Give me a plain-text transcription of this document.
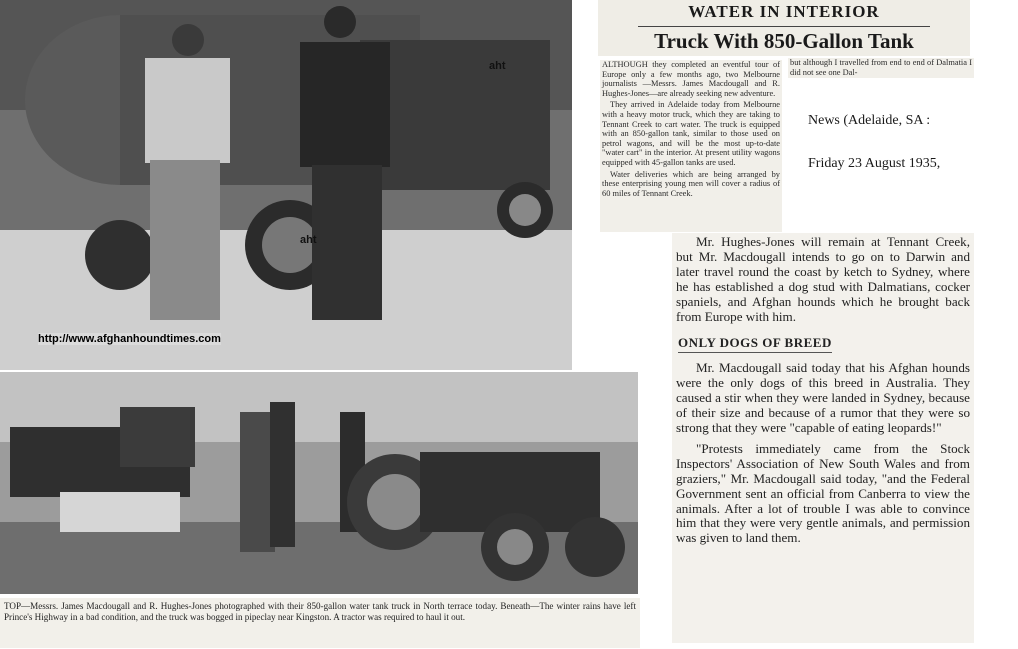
aht
aht
http://www.afghanhoundtimes.com
WATER IN INTERIOR
Truck With 850-Gallon Tank

ALTHOUGH they completed an eventful tour of Europe only a few months ago, two Melbourne journalists —Messrs. James Macdougall and R. Hughes-Jones—are already seeking new adventure.

They arrived in Adelaide today from Melbourne with a heavy motor truck, which they are taking to Tennant Creek to cart water. The truck is equipped with an 850-gallon tank, similar to those used on petrol wagons, and will be the most up-to-date "water cart" in the interior. At present utility wagons equipped with 45-gallon tanks are used.

Water deliveries which are being arranged by these enterprising young men will cover a radius of 60 miles of Tennant Creek.

but although I travelled from end to end of Dalmatia I did not see one Dal-
News (Adelaide, SA :
Friday 23 August 1935,

Mr. Hughes-Jones will remain at Tennant Creek, but Mr. Macdougall intends to go on to Darwin and later travel round the coast by ketch to Sydney, where he has established a dog stud with Dalmatians, cocker spaniels, and Afghan hounds which he brought back from Europe with him.

ONLY DOGS OF BREED

Mr. Macdougall said today that his Afghan hounds were the only dogs of this breed in Australia. They caused a stir when they were landed in Sydney, because of their size and because of a rumor that they were so strong that they were "capable of eating leopards!"

"Protests immediately came from the Stock Inspectors' Association of New South Wales and from graziers," Mr. Macdougall said today, "and the Federal Government sent an official from Canberra to view the animals. After a lot of trouble I was able to convince him that they were very gentle animals, and permission was given to land them.

TOP—Messrs. James Macdougall and R. Hughes-Jones photographed with their 850-gallon water tank truck in North terrace today. Beneath—The winter rains have left Prince's Highway in a bad condition, and the truck was bogged in pipeclay near Kingston. A tractor was required to haul it out.
